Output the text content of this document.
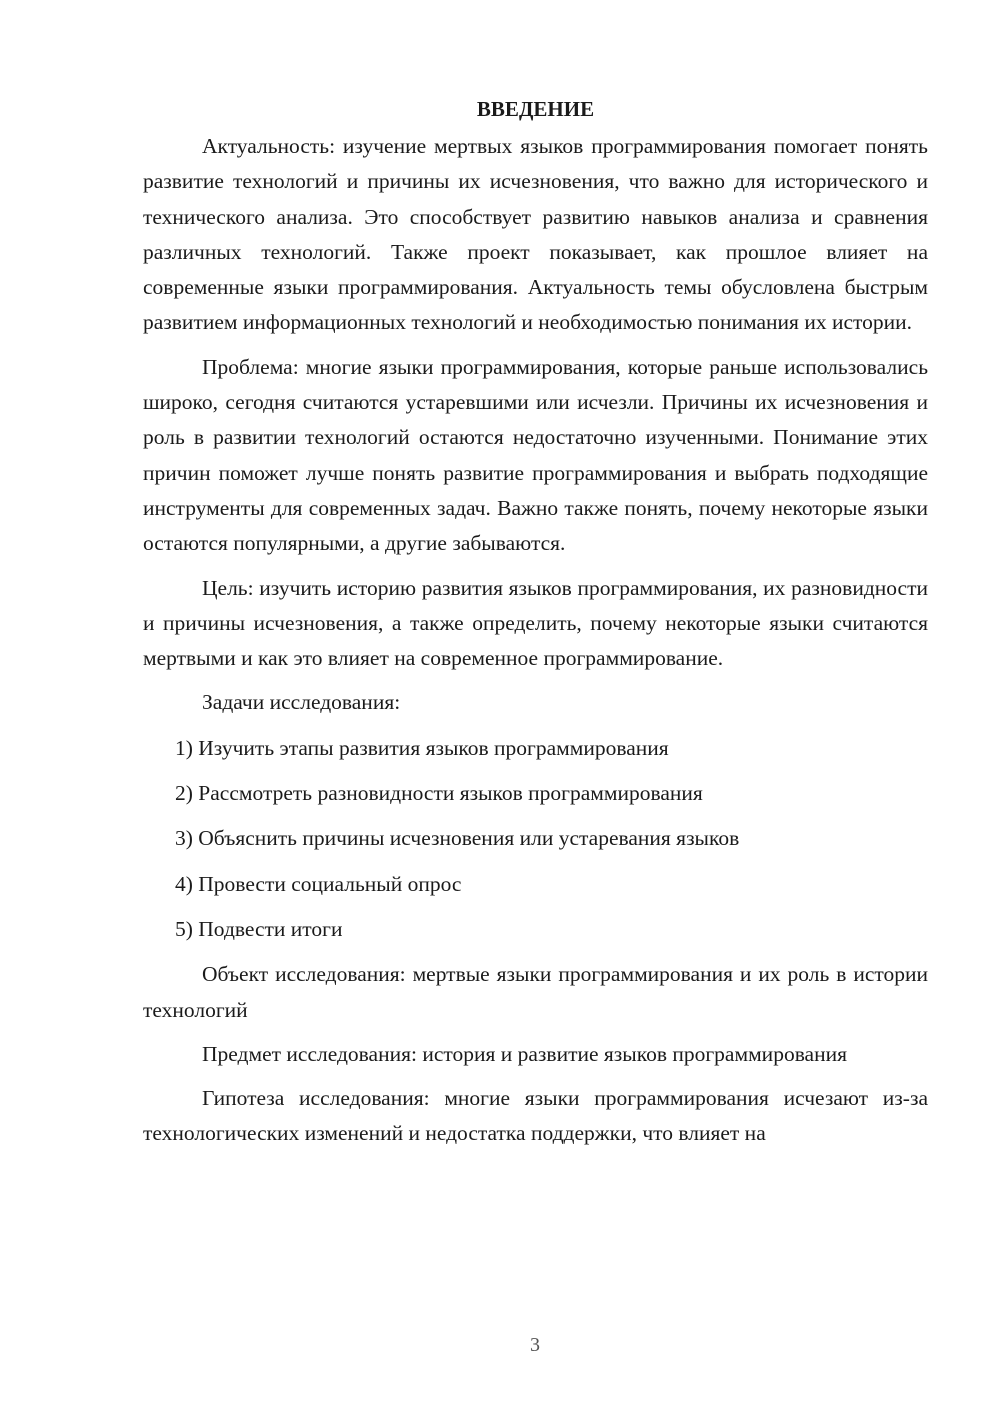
ВВЕДЕНИЕ

Актуальность: изучение мертвых языков программирования помогает понять развитие технологий и причины их исчезновения, что важно для исторического и технического анализа. Это способствует развитию навыков анализа и сравнения различных технологий. Также проект показывает, как прошлое влияет на современные языки программирования. Актуальность темы обусловлена быстрым развитием информационных технологий и необходимостью понимания их истории.

Проблема: многие языки программирования, которые раньше использовались широко, сегодня считаются устаревшими или исчезли. Причины их исчезновения и роль в развитии технологий остаются недостаточно изученными. Понимание этих причин поможет лучше понять развитие программирования и выбрать подходящие инструменты для современных задач. Важно также понять, почему некоторые языки остаются популярными, а другие забываются.

Цель: изучить историю развития языков программирования, их разновидности и причины исчезновения, а также определить, почему некоторые языки считаются мертвыми и как это влияет на современное программирование.

Задачи исследования:

1) Изучить этапы развития языков программирования
2) Рассмотреть разновидности языков программирования
3) Объяснить причины исчезновения или устаревания языков
4) Провести социальный опрос
5) Подвести итоги

Объект исследования: мертвые языки программирования и их роль в истории технологий

Предмет исследования: история и развитие языков программирования

Гипотеза исследования: многие языки программирования исчезают из-за технологических изменений и недостатка поддержки, что влияет на

3
